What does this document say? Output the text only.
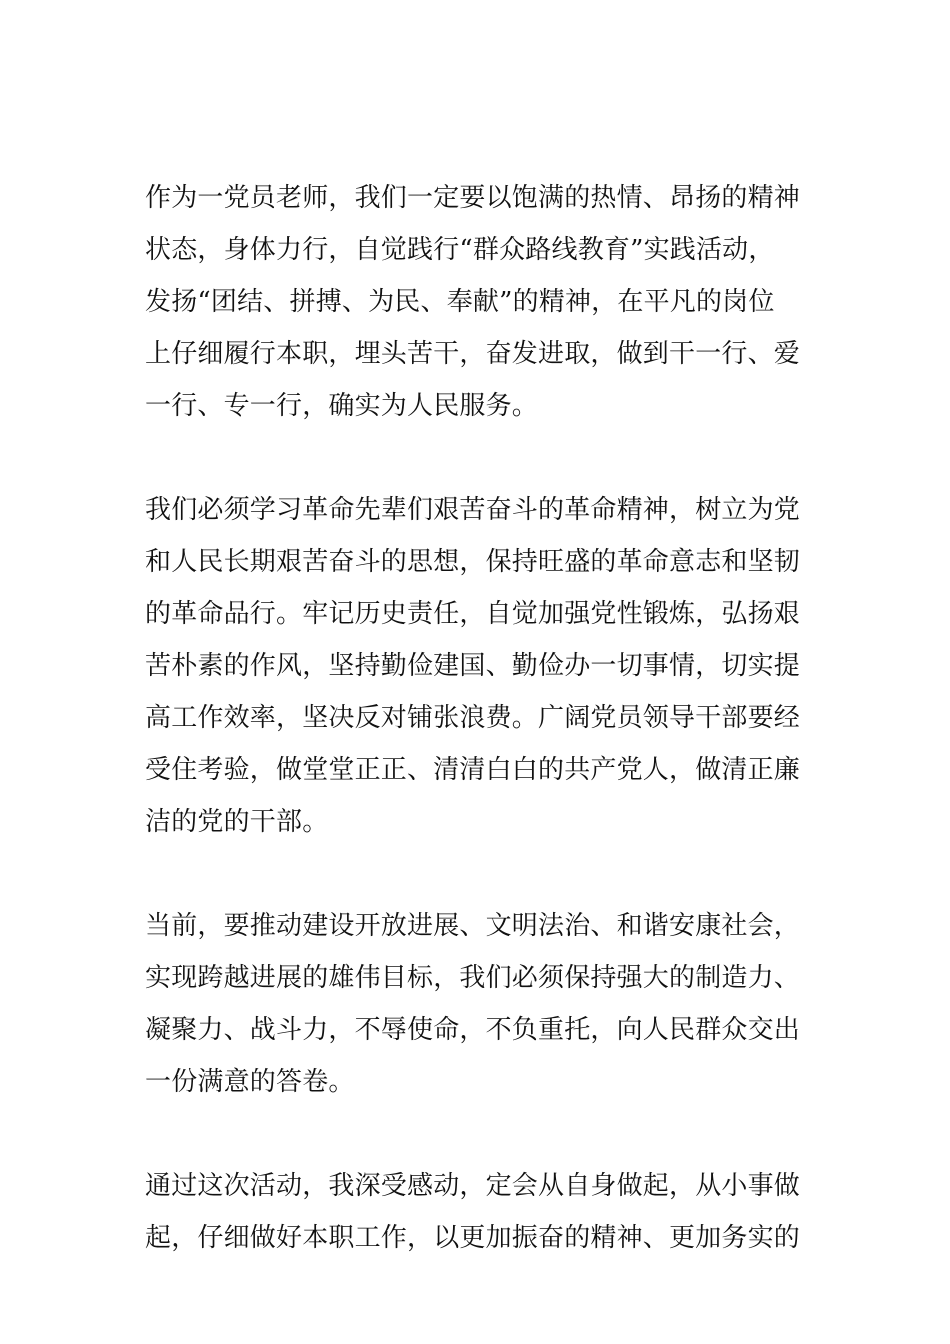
作为一党员老师，我们一定要以饱满的热情、昂扬的精神
状态，身体力行，自觉践行“群众路线教育”实践活动，
发扬“团结、拼搏、为民、奉献”的精神，在平凡的岗位
上仔细履行本职，埋头苦干，奋发进取，做到干一行、爱
一行、专一行，确实为人民服务。

我们必须学习革命先辈们艰苦奋斗的革命精神，树立为党
和人民长期艰苦奋斗的思想，保持旺盛的革命意志和坚韧
的革命品行。牢记历史责任，自觉加强党性锻炼，弘扬艰
苦朴素的作风，坚持勤俭建国、勤俭办一切事情，切实提
高工作效率，坚决反对铺张浪费。广阔党员领导干部要经
受住考验，做堂堂正正、清清白白的共产党人，做清正廉
洁的党的干部。

当前，要推动建设开放进展、文明法治、和谐安康社会，
实现跨越进展的雄伟目标，我们必须保持强大的制造力、
凝聚力、战斗力，不辱使命，不负重托，向人民群众交出
一份满意的答卷。

通过这次活动，我深受感动，定会从自身做起，从小事做
起，仔细做好本职工作，以更加振奋的精神、更加务实的
